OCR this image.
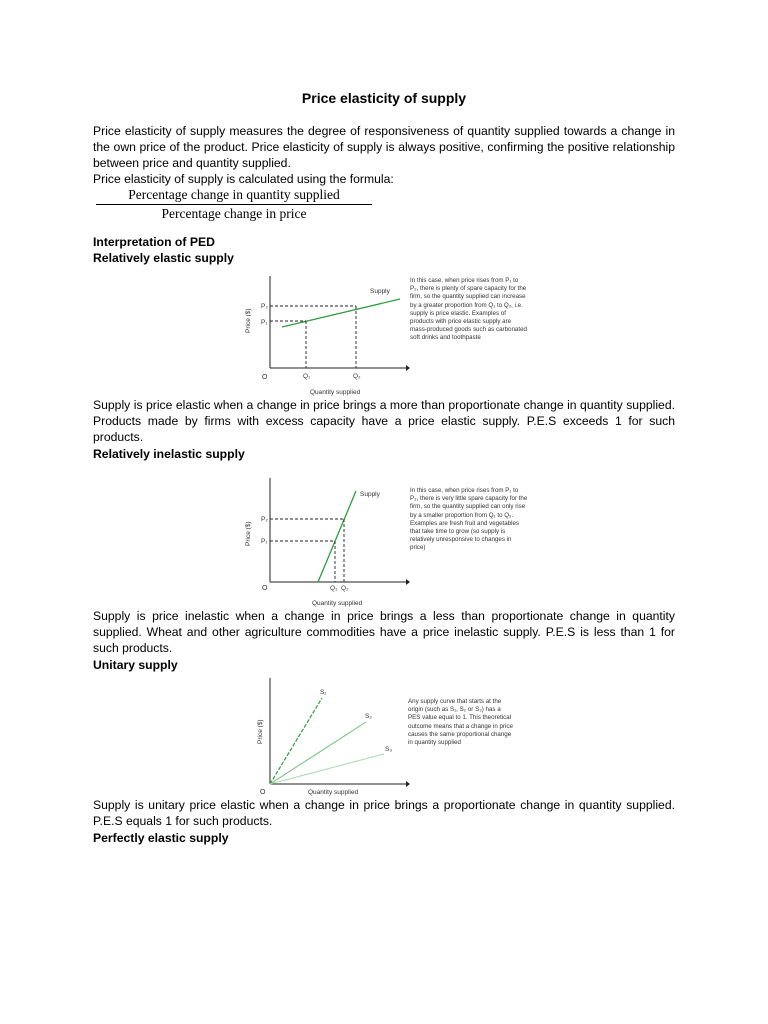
Price elasticity of supply
Price elasticity of supply measures the degree of responsiveness of quantity supplied towards a change in the own price of the product. Price elasticity of supply is always positive, confirming the positive relationship between price and quantity supplied.
Price elasticity of supply is calculated using the formula:
Percentage change in quantity supplied
Percentage change in price
Interpretation of PED
Relatively elastic supply
Price ($)
P₂
P₁
O	Q₁	Q₂
Quantity supplied
Supply
In this case, when price rises from P₁ to P₂, there is plenty of spare capacity for the firm, so the quantity supplied can increase by a greater proportion from Q₁ to Q₂, i.e. supply is price elastic. Examples of products with price elastic supply are mass-produced goods such as carbonated soft drinks and toothpaste
Supply is price elastic when a change in price brings a more than proportionate change in quantity supplied. Products made by firms with excess capacity have a price elastic supply. P.E.S exceeds 1 for such products.
Relatively inelastic supply
Price ($)
P₂
P₁
O	Q₁ Q₂
Quantity supplied
Supply
In this case, when price rises from P₁ to P₂, there is very little spare capacity for the firm, so the quantity supplied can only rise by a smaller proportion from Q₁ to Q₂. Examples are fresh fruit and vegetables that take time to grow (so supply is relatively unresponsive to changes in price)
Supply is price inelastic when a change in price brings a less than proportionate change in quantity supplied. Wheat and other agriculture commodities have a price inelastic supply. P.E.S is less than 1 for such products.
Unitary supply
S₁
S₂
S₃
Price ($)
O	Quantity supplied
Any supply curve that starts at the origin (such as S₁, S₂ or S₃) has a PES value equal to 1. This theoretical outcome means that a change in price causes the same proportional change in quantity supplied
Supply is unitary price elastic when a change in price brings a proportionate change in quantity supplied. P.E.S equals 1 for such products.
Perfectly elastic supply
